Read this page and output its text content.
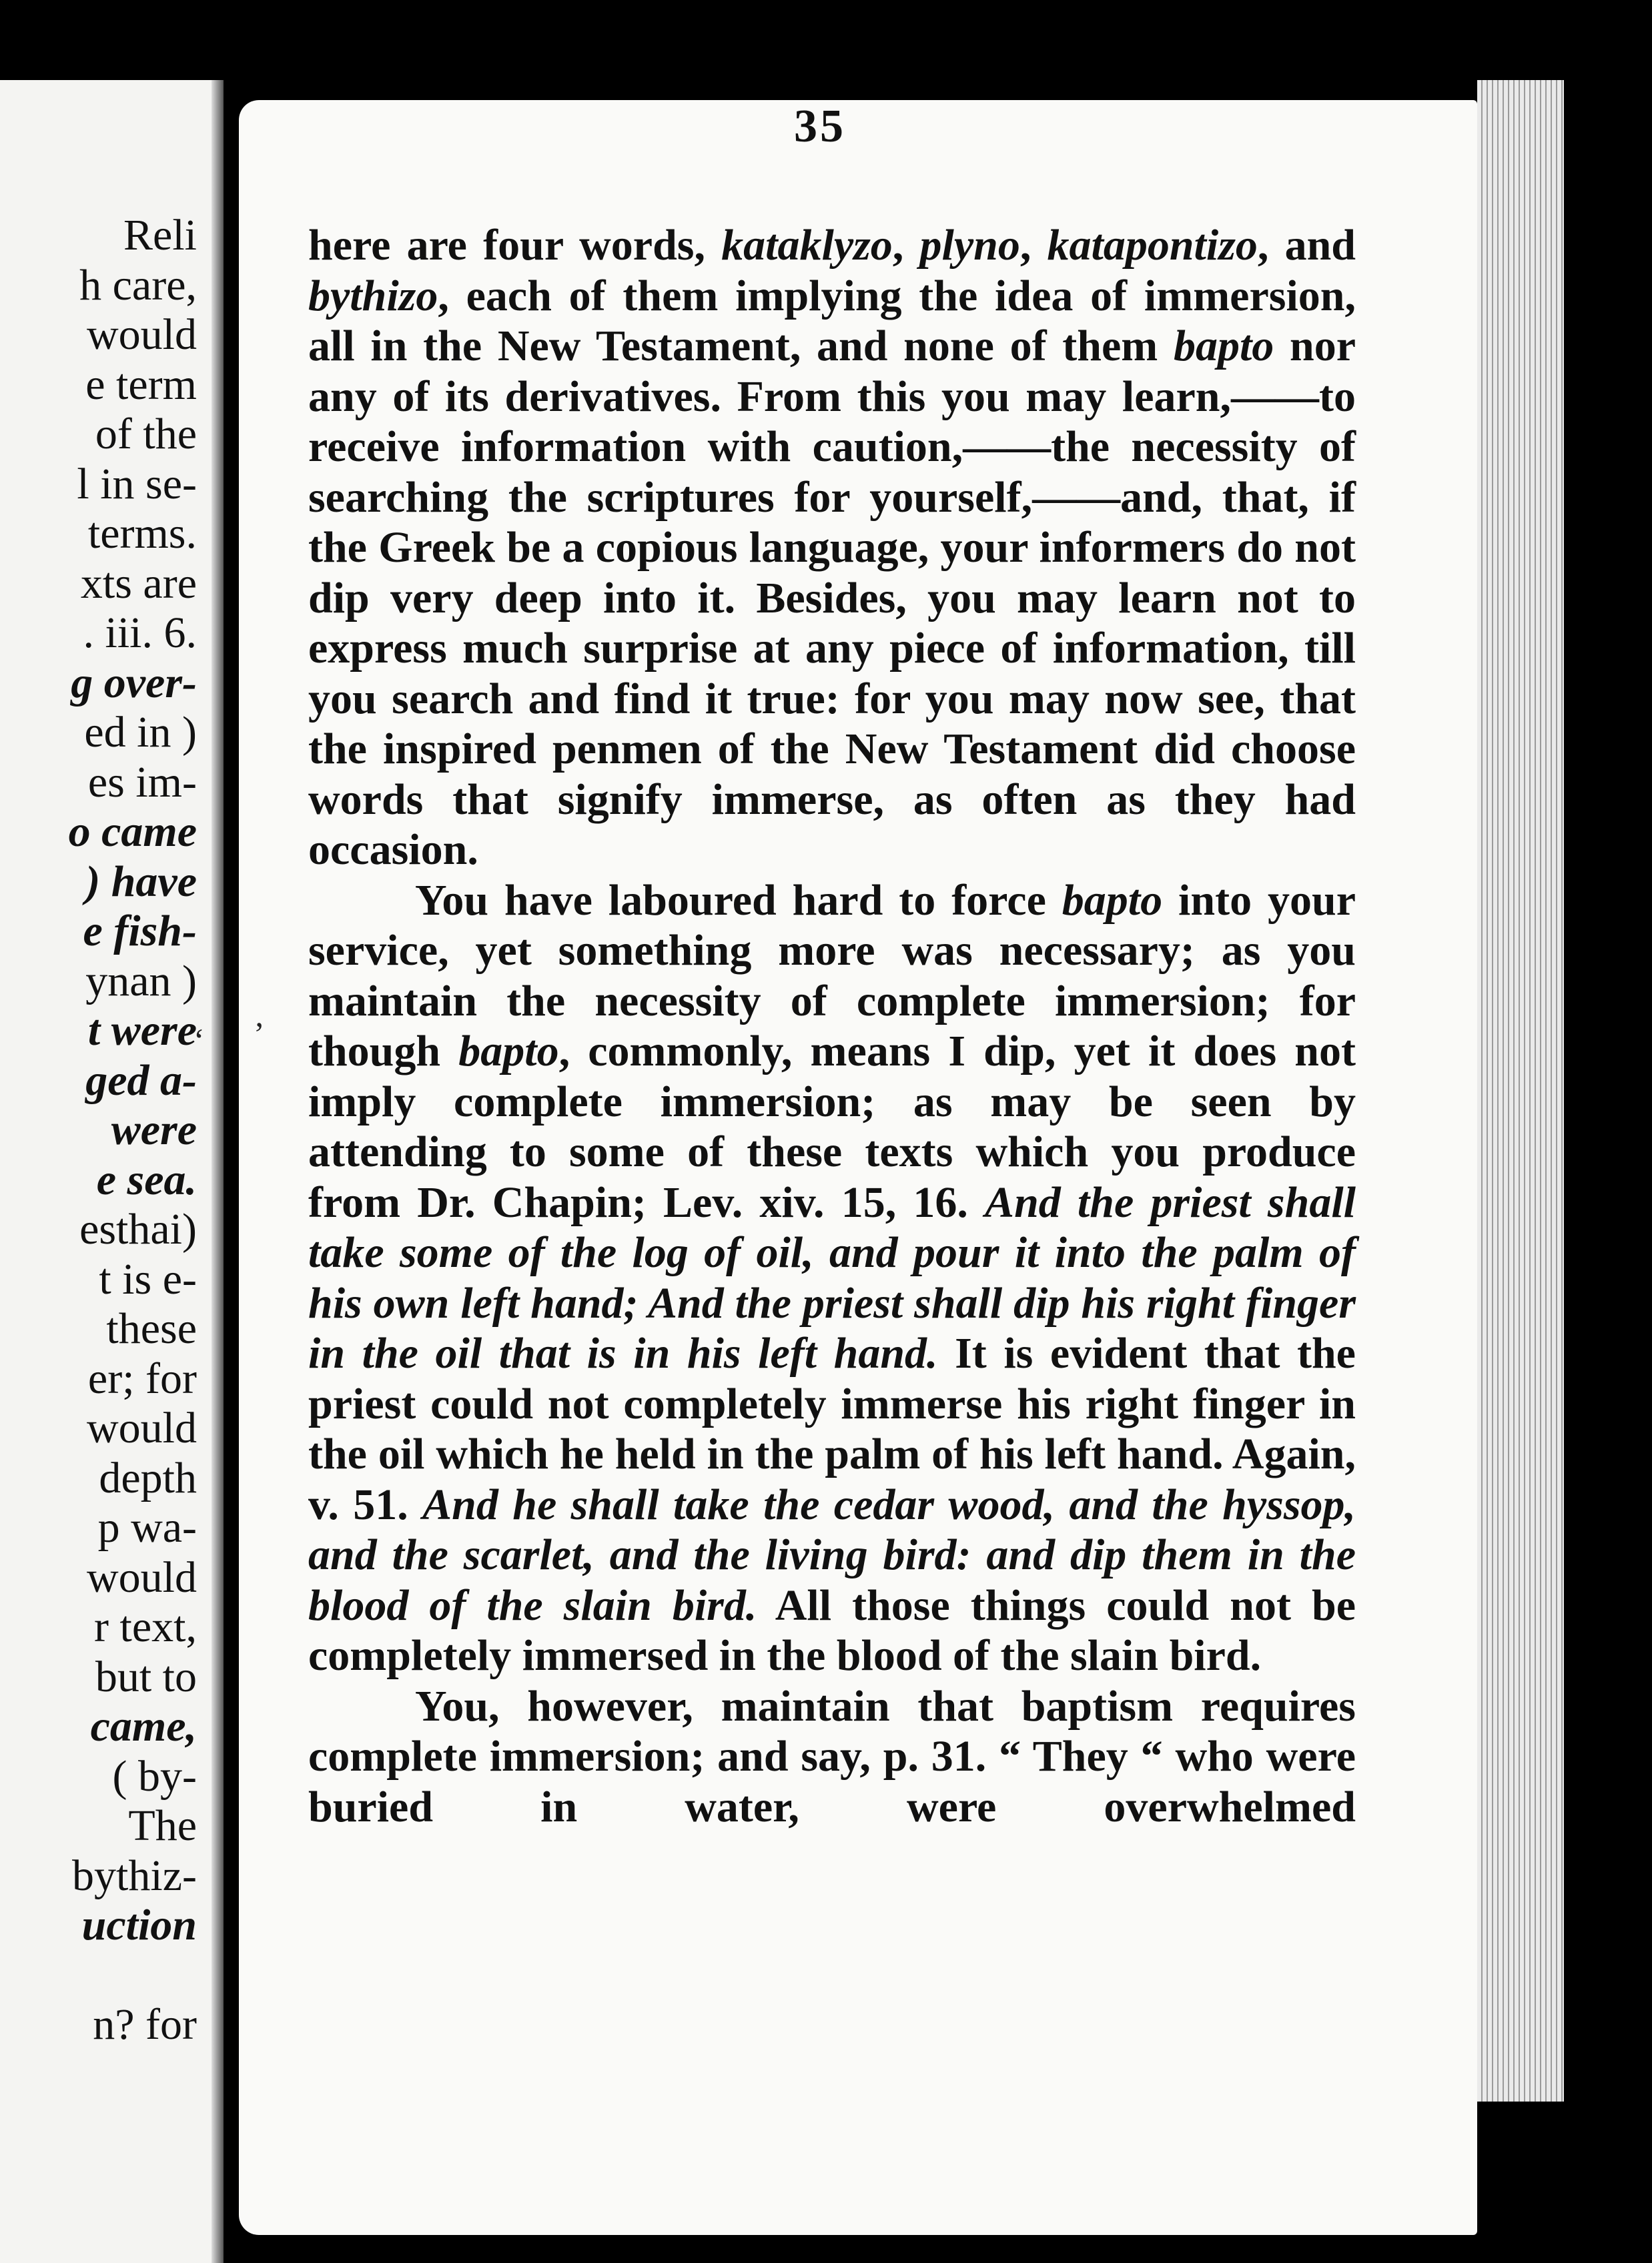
Reli
h care,
would
e term
of the
l in se-
terms.
xts are
. iii. 6.
g over-
ed in )
es im-
o came
) have
e fish-
ynan )
t were
ged a-
were
e sea.
esthai)
t is e-
these
er; for
would
depth
p wa-
would
r text,
but to
came,
( by-
The
bythiz-
uction
n? for
35
‘ ’

here are four words, kataklyzo, plyno, katapontizo, and bythizo, each of them implying the idea of immersion, all in the New Testament, and none of them bapto nor any of its derivatives. From this you may learn,——to receive information with caution,——the necessity of searching the scriptures for yourself,——and, that, if the Greek be a copious language, your informers do not dip very deep into it. Besides, you may learn not to express much surprise at any piece of information, till you search and find it true: for you may now see, that the inspired penmen of the New Testament did choose words that signify immerse, as often as they had occasion.

You have laboured hard to force bapto into your service, yet something more was necessary; as you maintain the necessity of complete immersion; for though bapto, commonly, means I dip, yet it does not imply complete immersion; as may be seen by attending to some of these texts which you produce from Dr. Chapin; Lev. xiv. 15, 16. And the priest shall take some of the log of oil, and pour it into the palm of his own left hand; And the priest shall dip his right finger in the oil that is in his left hand. It is evident that the priest could not completely immerse his right finger in the oil which he held in the palm of his left hand. Again, v. 51. And he shall take the cedar wood, and the hyssop, and the scarlet, and the living bird: and dip them in the blood of the slain bird. All those things could not be completely immersed in the blood of the slain bird.

You, however, maintain that baptism requires complete immersion; and say, p. 31. “ They “ who were buried in water, were overwhelmed
